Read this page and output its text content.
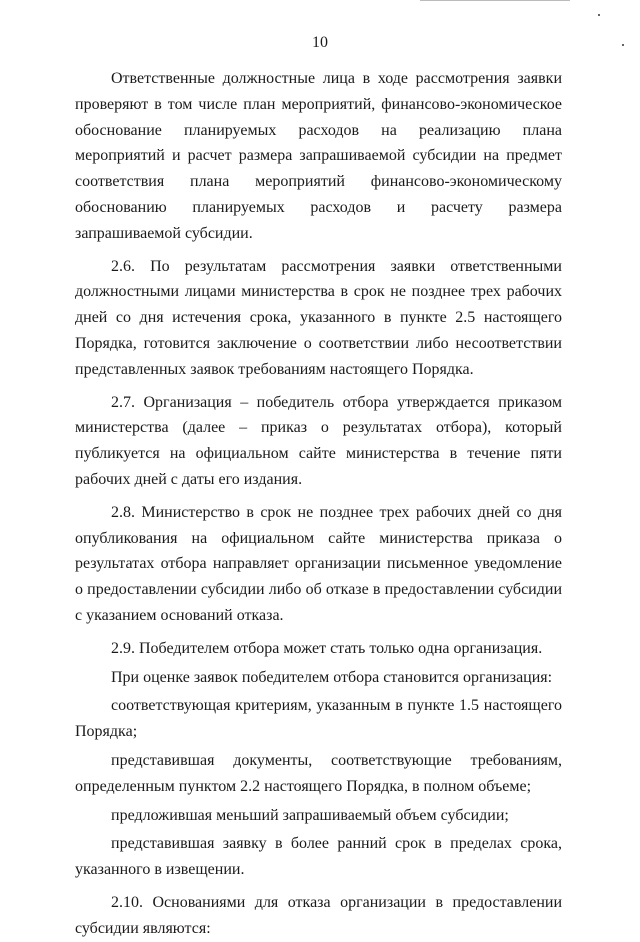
10

Ответственные должностные лица в ходе рассмотрения заявки проверяют в том числе план мероприятий, финансово-экономическое обоснование планируемых расходов на реализацию плана мероприятий и расчет размера запрашиваемой субсидии на предмет соответствия плана мероприятий финансово-экономическому обоснованию планируемых расходов и расчету размера запрашиваемой субсидии.

2.6. По результатам рассмотрения заявки ответственными должностными лицами министерства в срок не позднее трех рабочих дней со дня истечения срока, указанного в пункте 2.5 настоящего Порядка, готовится заключение о соответствии либо несоответствии представленных заявок требованиям настоящего Порядка.

2.7. Организация – победитель отбора утверждается приказом министерства (далее – приказ о результатах отбора), который публикуется на официальном сайте министерства в течение пяти рабочих дней с даты его издания.

2.8. Министерство в срок не позднее трех рабочих дней со дня опубликования на официальном сайте министерства приказа о результатах отбора направляет организации письменное уведомление о предоставлении субсидии либо об отказе в предоставлении субсидии с указанием оснований отказа.

2.9. Победителем отбора может стать только одна организация.

При оценке заявок победителем отбора становится организация:

соответствующая критериям, указанным в пункте 1.5 настоящего Порядка;

представившая документы, соответствующие требованиям, определенным пунктом 2.2 настоящего Порядка, в полном объеме;

предложившая меньший запрашиваемый объем субсидии;

представившая заявку в более ранний срок в пределах срока, указанного в извещении.

2.10. Основаниями для отказа организации в предоставлении субсидии являются:
